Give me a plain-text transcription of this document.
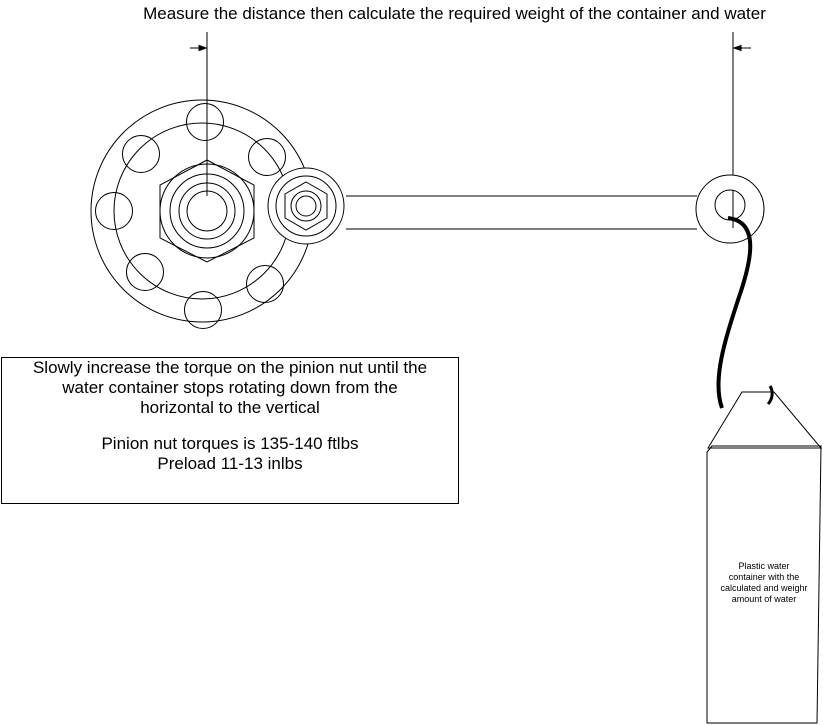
Measure the distance then calculate the required weight of the container and water
Slowly increase the torque on the pinion nut until the
water container stops rotating down from the
horizontal to the vertical
Pinion nut torques is 135-140 ftlbs
Preload 11-13 inlbs
Plastic water
container with the
calculated and weighr
amount of water
